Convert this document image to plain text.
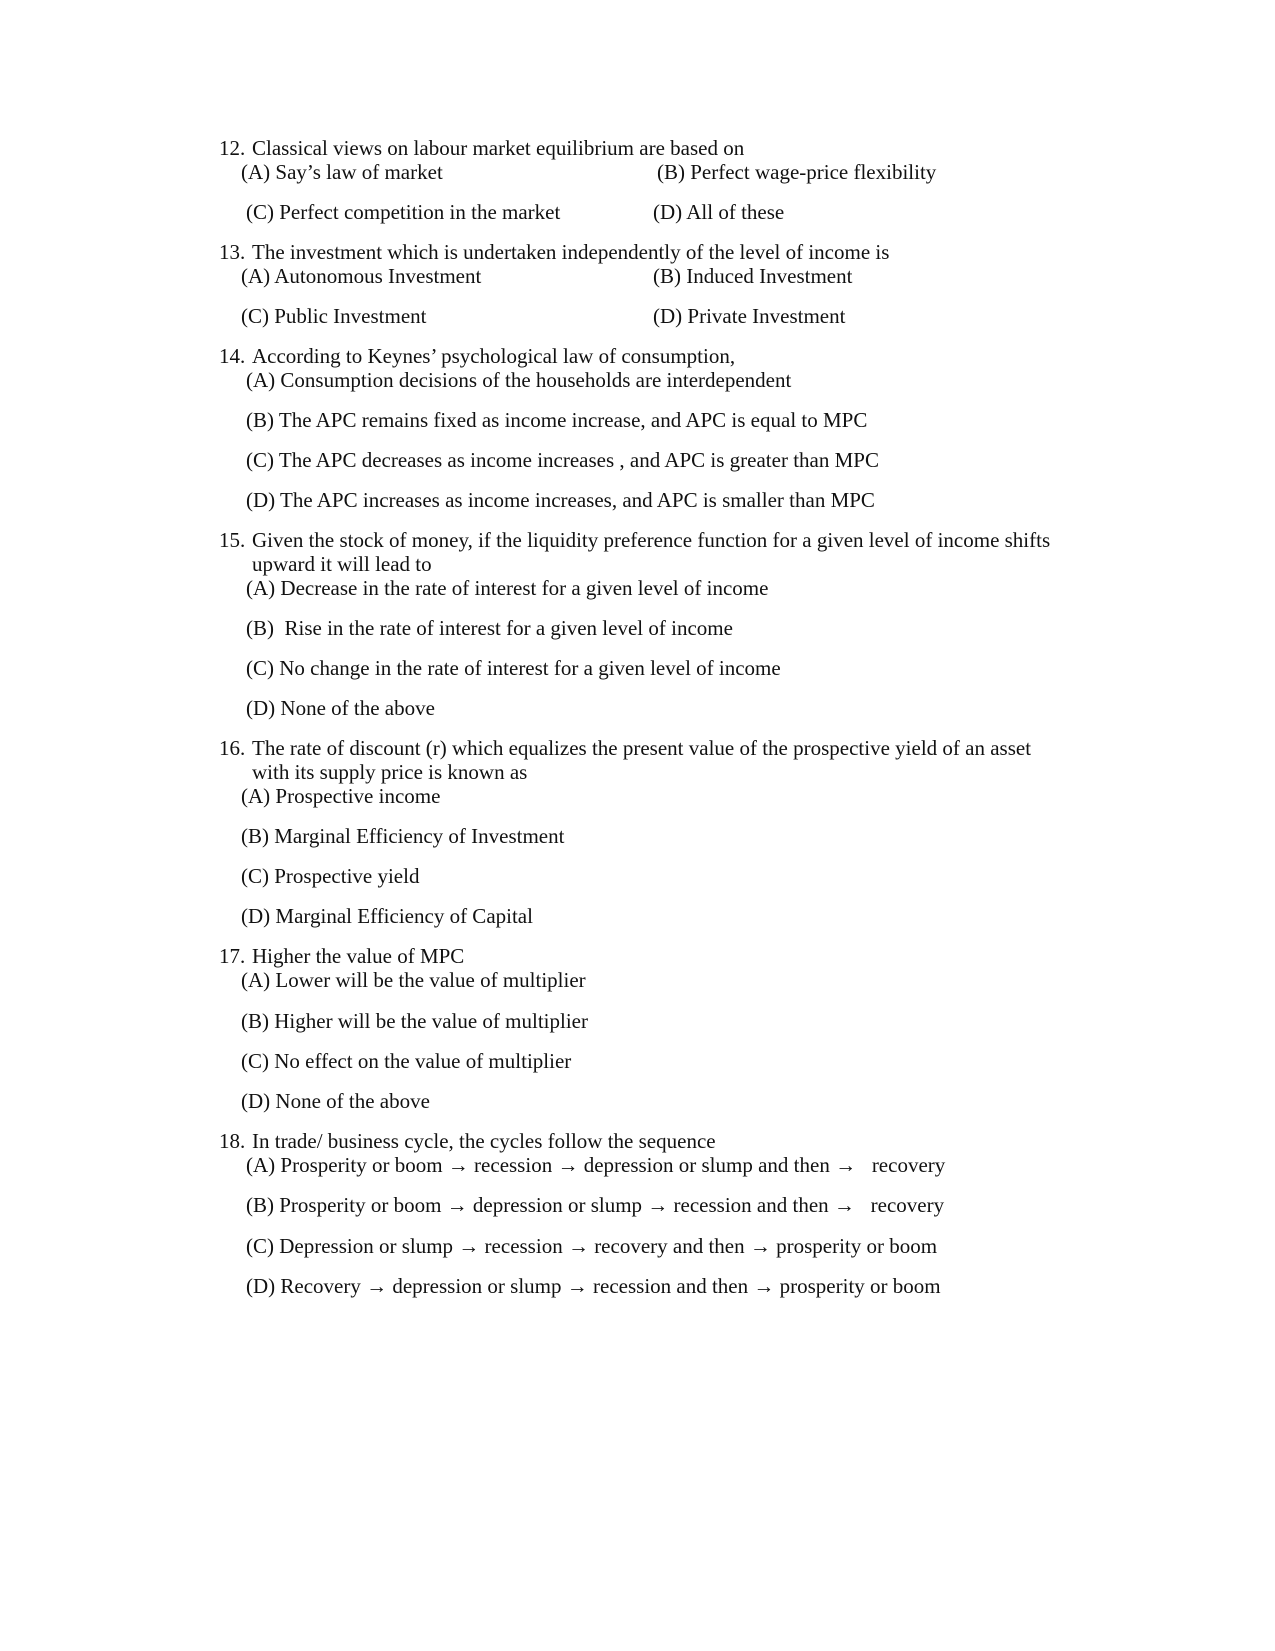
12. Classical views on labour market equilibrium are based on
(A) Say’s law of market	(B) Perfect wage-price flexibility
(C) Perfect competition in the market	(D) All of these
13. The investment which is undertaken independently of the level of income is
(A) Autonomous Investment	(B) Induced Investment
(C) Public Investment	(D) Private Investment
14. According to Keynes’ psychological law of consumption,
(A) Consumption decisions of the households are interdependent
(B) The APC remains fixed as income increase, and APC is equal to MPC
(C) The APC decreases as income increases , and APC is greater than MPC
(D) The APC increases as income increases, and APC is smaller than MPC
15. Given the stock of money, if the liquidity preference function for a given level of income shifts
upward it will lead to
(A) Decrease in the rate of interest for a given level of income
(B)  Rise in the rate of interest for a given level of income
(C) No change in the rate of interest for a given level of income
(D) None of the above
16. The rate of discount (r) which equalizes the present value of the prospective yield of an asset
with its supply price is known as
(A) Prospective income
(B) Marginal Efficiency of Investment
(C) Prospective yield
(D) Marginal Efficiency of Capital
17. Higher the value of MPC
(A) Lower will be the value of multiplier
(B) Higher will be the value of multiplier
(C) No effect on the value of multiplier
(D) None of the above
18. In trade/ business cycle, the cycles follow the sequence
(A) Prosperity or boom → recession → depression or slump and then →   recovery
(B) Prosperity or boom → depression or slump → recession and then →   recovery
(C) Depression or slump → recession → recovery and then → prosperity or boom
(D) Recovery → depression or slump → recession and then → prosperity or boom
